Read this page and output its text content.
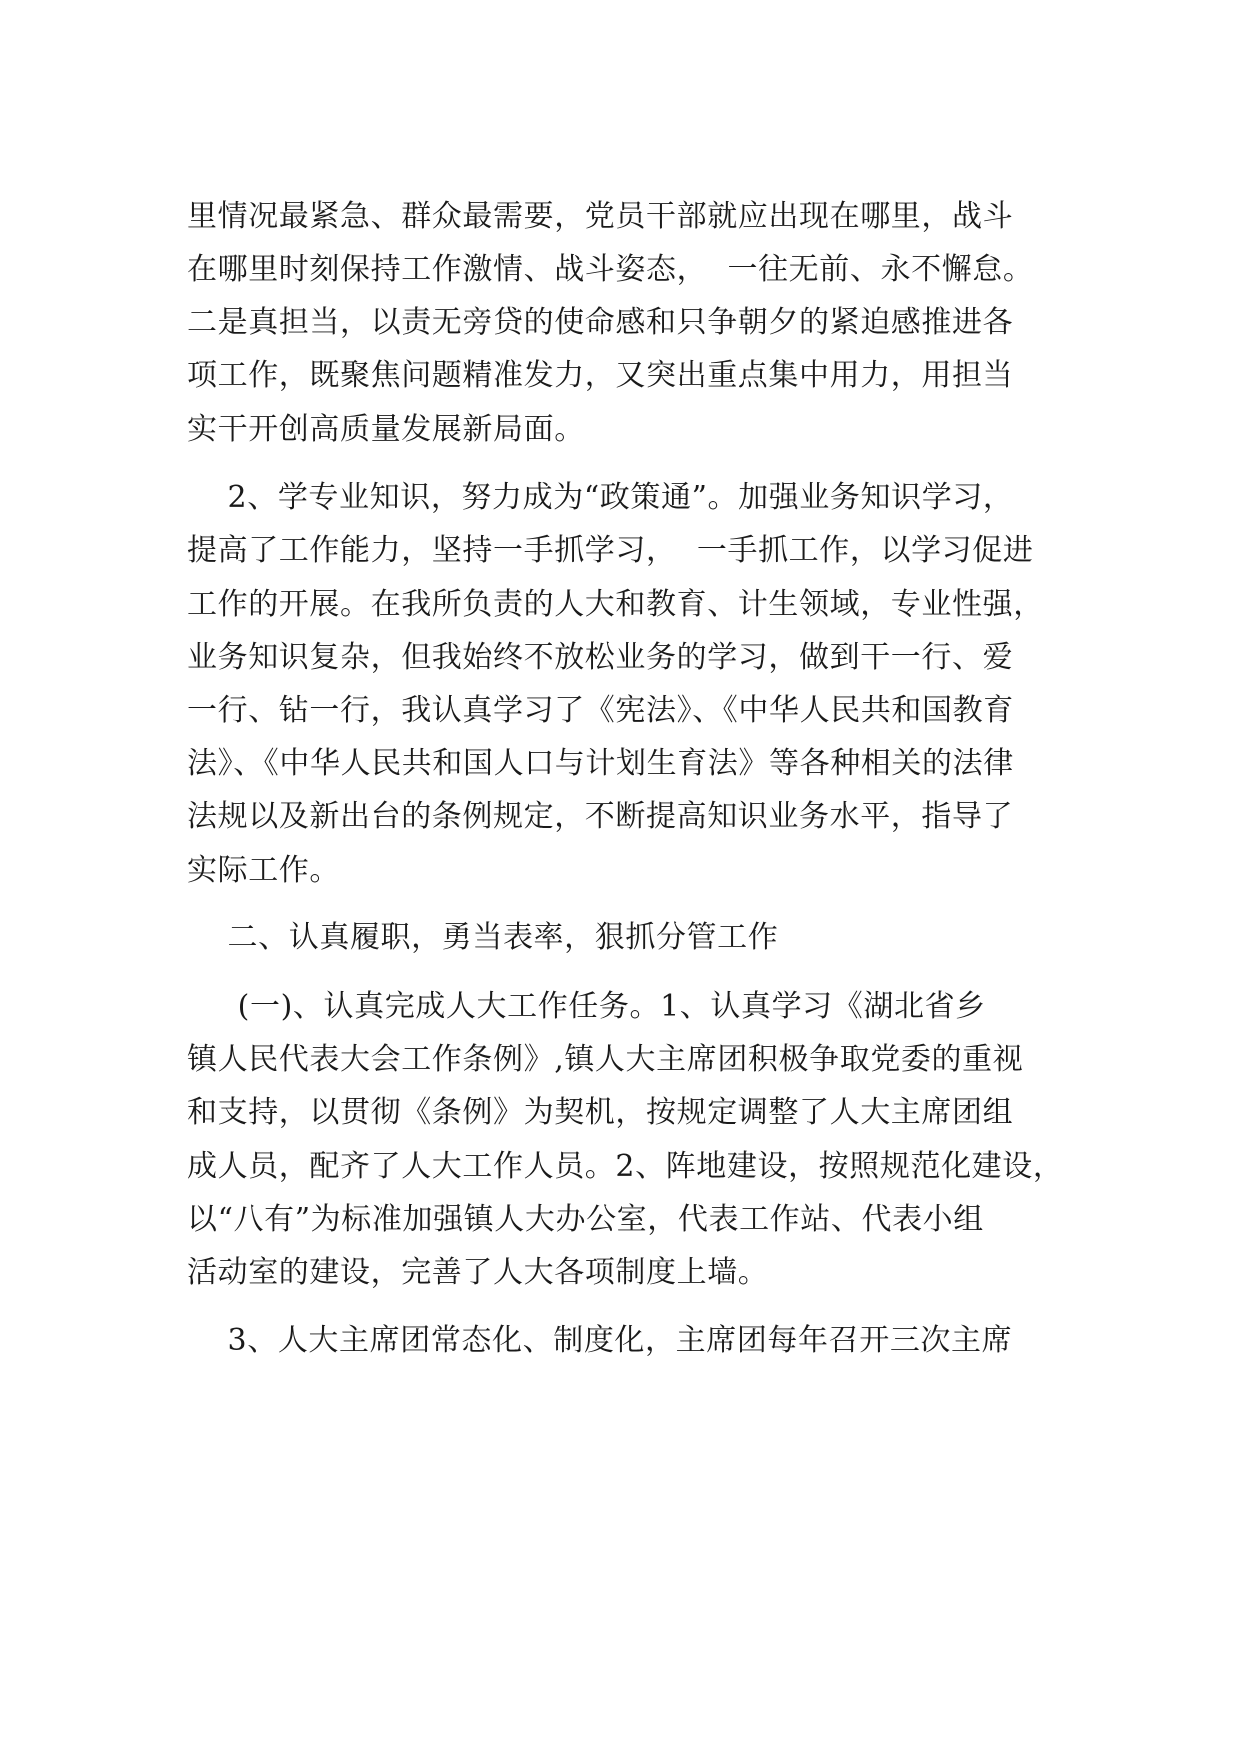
里情况最紧急、群众最需要，党员干部就应出现在哪里，战斗
在哪里时刻保持工作激情、战斗姿态，  一往无前、永不懈怠。
二是真担当，以责无旁贷的使命感和只争朝夕的紧迫感推进各
项工作，既聚焦问题精准发力，又突出重点集中用力，用担当
实干开创高质量发展新局面。
2、学专业知识，努力成为“政策通”。加强业务知识学习，
提高了工作能力，坚持一手抓学习，  一手抓工作，以学习促进
工作的开展。在我所负责的人大和教育、计生领域，专业性强，
业务知识复杂，但我始终不放松业务的学习，做到干一行、爱
一行、钻一行，我认真学习了《宪法》、《中华人民共和国教育
法》、《中华人民共和国人口与计划生育法》等各种相关的法律
法规以及新出台的条例规定，不断提高知识业务水平，指导了
实际工作。
二、认真履职，勇当表率，狠抓分管工作
(一)、认真完成人大工作任务。1、认真学习《湖北省乡
镇人民代表大会工作条例》,镇人大主席团积极争取党委的重视
和支持，以贯彻《条例》为契机，按规定调整了人大主席团组
成人员，配齐了人大工作人员。2、阵地建设，按照规范化建设，
以“八有”为标准加强镇人大办公室，代表工作站、代表小组
活动室的建设，完善了人大各项制度上墙。
3、人大主席团常态化、制度化，主席团每年召开三次主席
